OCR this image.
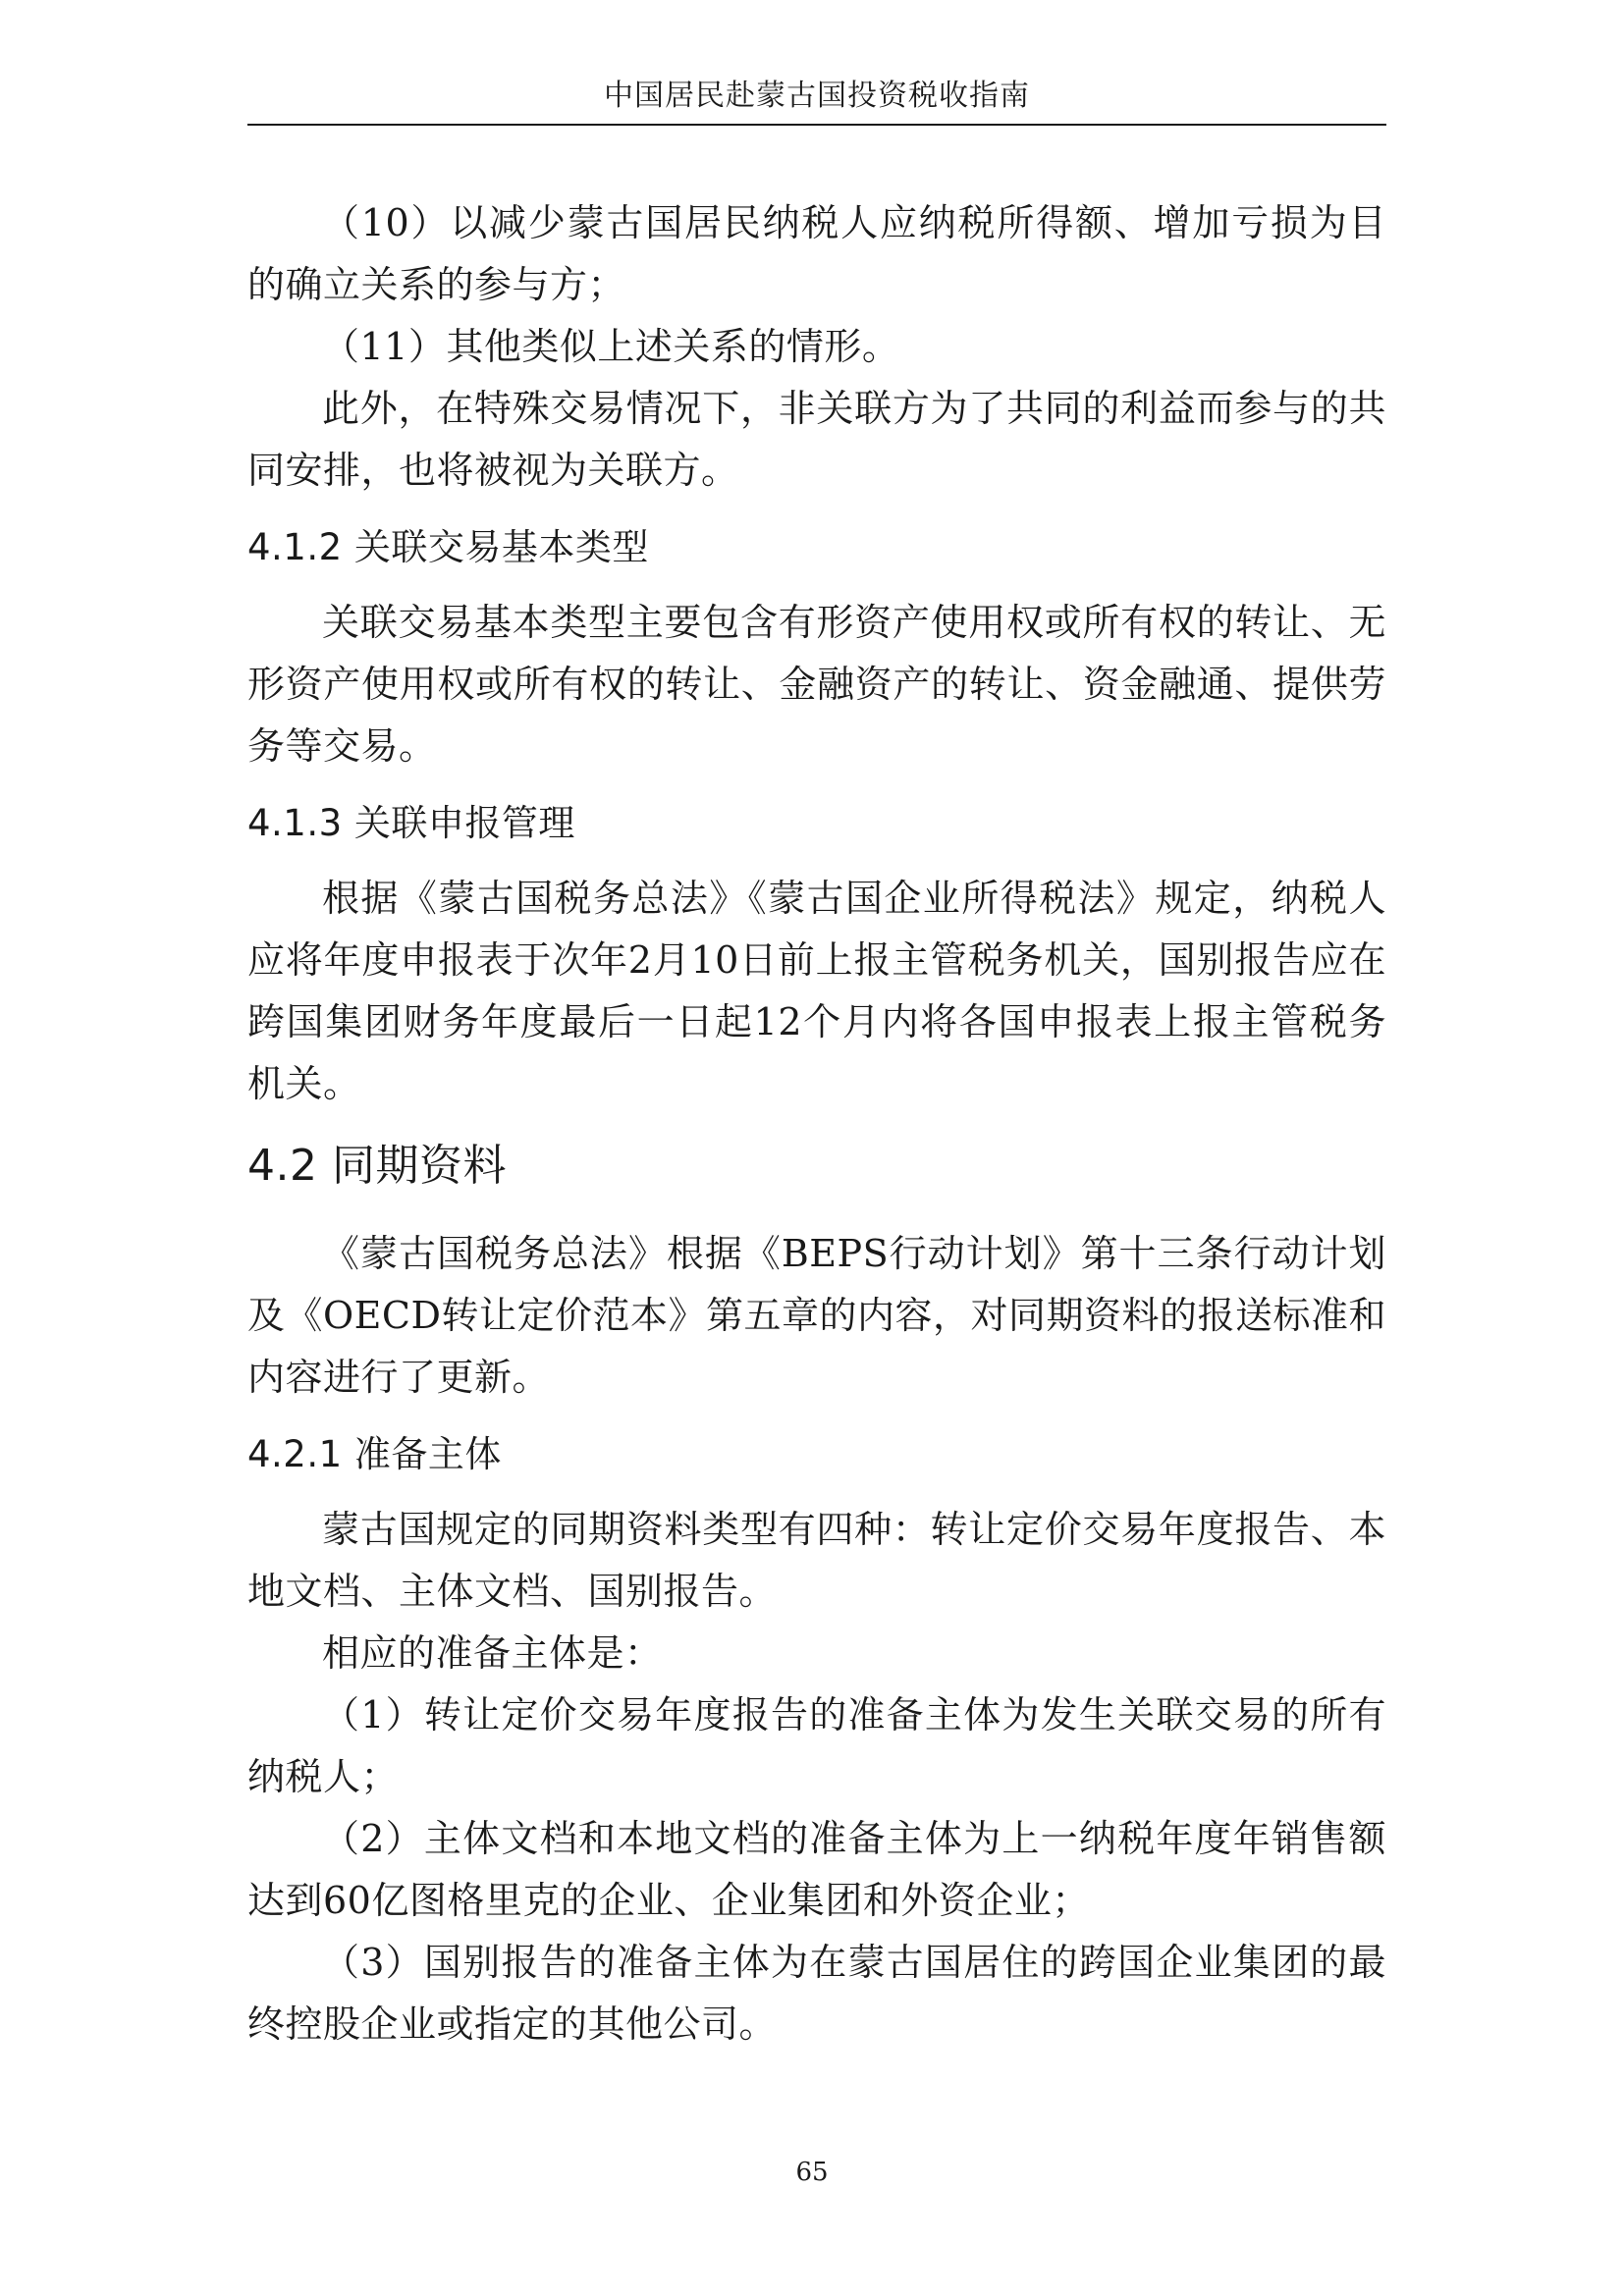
中国居民赴蒙古国投资税收指南

（10）以减少蒙古国居民纳税人应纳税所得额、增加亏损为目的确立关系的参与方；

（11）其他类似上述关系的情形。

此外，在特殊交易情况下，非关联方为了共同的利益而参与的共同安排，也将被视为关联方。

4.1.2 关联交易基本类型

关联交易基本类型主要包含有形资产使用权或所有权的转让、无形资产使用权或所有权的转让、金融资产的转让、资金融通、提供劳务等交易。

4.1.3 关联申报管理

根据《蒙古国税务总法》《蒙古国企业所得税法》规定，纳税人应将年度申报表于次年2月10日前上报主管税务机关，国别报告应在跨国集团财务年度最后一日起12个月内将各国申报表上报主管税务机关。

4.2 同期资料

《蒙古国税务总法》根据《BEPS行动计划》第十三条行动计划及《OECD转让定价范本》第五章的内容，对同期资料的报送标准和内容进行了更新。

4.2.1 准备主体

蒙古国规定的同期资料类型有四种：转让定价交易年度报告、本地文档、主体文档、国别报告。

相应的准备主体是：

（1）转让定价交易年度报告的准备主体为发生关联交易的所有纳税人；

（2）主体文档和本地文档的准备主体为上一纳税年度年销售额达到60亿图格里克的企业、企业集团和外资企业；

（3）国别报告的准备主体为在蒙古国居住的跨国企业集团的最终控股企业或指定的其他公司。

65
